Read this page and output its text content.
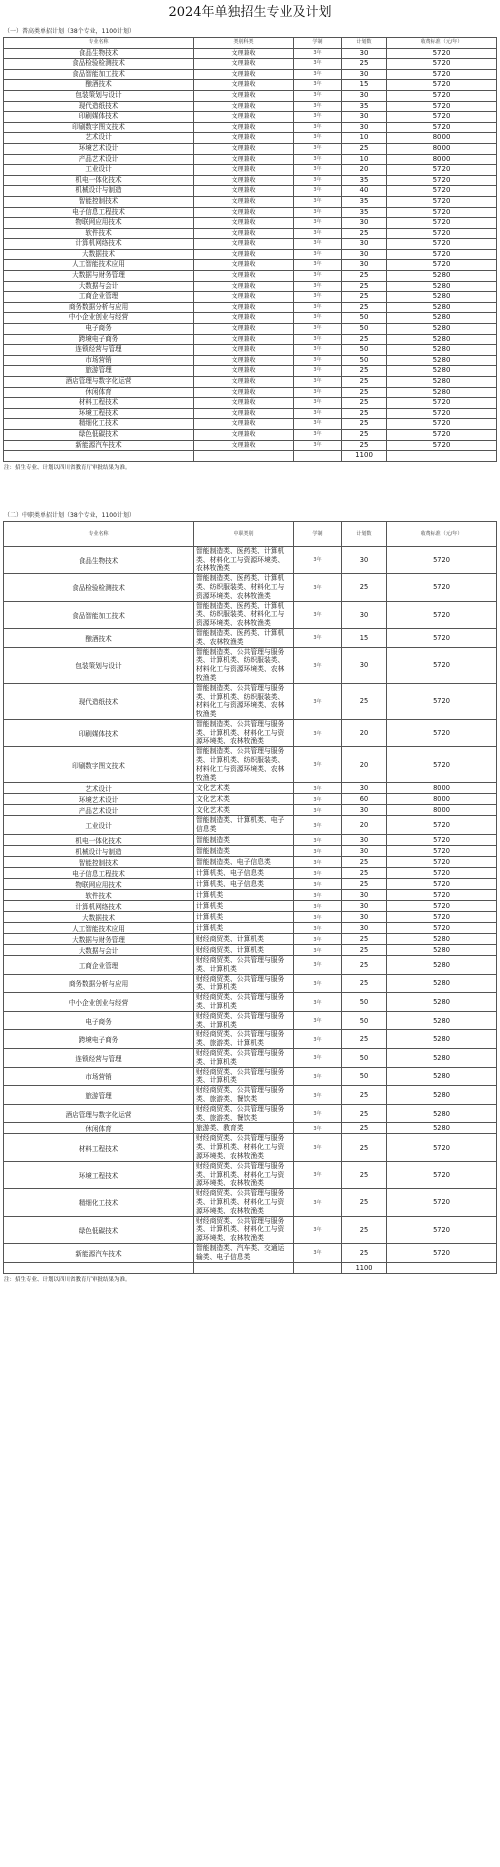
2024年单独招生专业及计划
（一）普高类单招计划（38个专业，1100计划）
专业名称	类别科类	学制	计划数	收费标准（元/年）
食品生物技术	文理兼收	3年	30	5720
食品检验检测技术	文理兼收	3年	25	5720
食品智能加工技术	文理兼收	3年	30	5720
酿酒技术	文理兼收	3年	15	5720
包装策划与设计	文理兼收	3年	30	5720
现代造纸技术	文理兼收	3年	35	5720
印刷媒体技术	文理兼收	3年	30	5720
印刷数字图文技术	文理兼收	3年	30	5720
艺术设计	文理兼收	3年	10	8000
环境艺术设计	文理兼收	3年	25	8000
产品艺术设计	文理兼收	3年	10	8000
工业设计	文理兼收	3年	20	5720
机电一体化技术	文理兼收	3年	35	5720
机械设计与制造	文理兼收	3年	40	5720
智能控制技术	文理兼收	3年	35	5720
电子信息工程技术	文理兼收	3年	35	5720
物联网应用技术	文理兼收	3年	30	5720
软件技术	文理兼收	3年	25	5720
计算机网络技术	文理兼收	3年	30	5720
大数据技术	文理兼收	3年	30	5720
人工智能技术应用	文理兼收	3年	30	5720
大数据与财务管理	文理兼收	3年	25	5280
大数据与会计	文理兼收	3年	25	5280
工商企业管理	文理兼收	3年	25	5280
商务数据分析与应用	文理兼收	3年	25	5280
中小企业创业与经营	文理兼收	3年	50	5280
电子商务	文理兼收	3年	50	5280
跨境电子商务	文理兼收	3年	25	5280
连锁经营与管理	文理兼收	3年	50	5280
市场营销	文理兼收	3年	50	5280
旅游管理	文理兼收	3年	25	5280
酒店管理与数字化运营	文理兼收	3年	25	5280
休闲体育	文理兼收	3年	25	5280
材料工程技术	文理兼收	3年	25	5720
环境工程技术	文理兼收	3年	25	5720
精细化工技术	文理兼收	3年	25	5720
绿色低碳技术	文理兼收	3年	25	5720
新能源汽车技术	文理兼收	3年	25	5720
			1100	
注：招生专业、计划以四川省教育厅审批结果为准。
（二）中职类单招计划（38个专业，1100计划）
专业名称	中职类别	学制	计划数	收费标准（元/年）
食品生物技术	智能制造类、医药类、计算机类、材料化工与资源环境类、农林牧渔类	3年	30	5720
食品检验检测技术	智能制造类、医药类、计算机类、纺织服装类、材料化工与资源环境类、农林牧渔类	3年	25	5720
食品智能加工技术	智能制造类、医药类、计算机类、纺织服装类、材料化工与资源环境类、农林牧渔类	3年	30	5720
酿酒技术	智能制造类、医药类、计算机类、农林牧渔类	3年	15	5720
包装策划与设计	智能制造类、公共管理与服务类、计算机类、纺织服装类、材料化工与资源环境类、农林牧渔类	3年	30	5720
现代造纸技术	智能制造类、公共管理与服务类、计算机类、纺织服装类、材料化工与资源环境类、农林牧渔类	3年	25	5720
印刷媒体技术	智能制造类、公共管理与服务类、计算机类、材料化工与资源环境类、农林牧渔类	3年	20	5720
印刷数字图文技术	智能制造类、公共管理与服务类、计算机类、纺织服装类、材料化工与资源环境类、农林牧渔类	3年	20	5720
艺术设计	文化艺术类	3年	30	8000
环境艺术设计	文化艺术类	3年	60	8000
产品艺术设计	文化艺术类	3年	30	8000
工业设计	智能制造类、计算机类、电子信息类	3年	20	5720
机电一体化技术	智能制造类	3年	30	5720
机械设计与制造	智能制造类	3年	30	5720
智能控制技术	智能制造类、电子信息类	3年	25	5720
电子信息工程技术	计算机类、电子信息类	3年	25	5720
物联网应用技术	计算机类、电子信息类	3年	25	5720
软件技术	计算机类	3年	30	5720
计算机网络技术	计算机类	3年	30	5720
大数据技术	计算机类	3年	30	5720
人工智能技术应用	计算机类	3年	30	5720
大数据与财务管理	财经商贸类、计算机类	3年	25	5280
大数据与会计	财经商贸类、计算机类	3年	25	5280
工商企业管理	财经商贸类、公共管理与服务类、计算机类	3年	25	5280
商务数据分析与应用	财经商贸类、公共管理与服务类、计算机类	3年	25	5280
中小企业创业与经营	财经商贸类、公共管理与服务类、计算机类	3年	50	5280
电子商务	财经商贸类、公共管理与服务类、计算机类	3年	50	5280
跨境电子商务	财经商贸类、公共管理与服务类、旅游类、计算机类	3年	25	5280
连锁经营与管理	财经商贸类、公共管理与服务类、计算机类	3年	50	5280
市场营销	财经商贸类、公共管理与服务类、计算机类	3年	50	5280
旅游管理	财经商贸类、公共管理与服务类、旅游类、餐饮类	3年	25	5280
酒店管理与数字化运营	财经商贸类、公共管理与服务类、旅游类、餐饮类	3年	25	5280
休闲体育	旅游类、教育类	3年	25	5280
材料工程技术	财经商贸类、公共管理与服务类、计算机类、材料化工与资源环境类、农林牧渔类	3年	25	5720
环境工程技术	财经商贸类、公共管理与服务类、计算机类、材料化工与资源环境类、农林牧渔类	3年	25	5720
精细化工技术	财经商贸类、公共管理与服务类、计算机类、材料化工与资源环境类、农林牧渔类	3年	25	5720
绿色低碳技术	财经商贸类、公共管理与服务类、计算机类、材料化工与资源环境类、农林牧渔类	3年	25	5720
新能源汽车技术	智能制造类、汽车类、交通运输类、电子信息类	3年	25	5720
			1100	
注：招生专业、计划以四川省教育厅审批结果为准。
